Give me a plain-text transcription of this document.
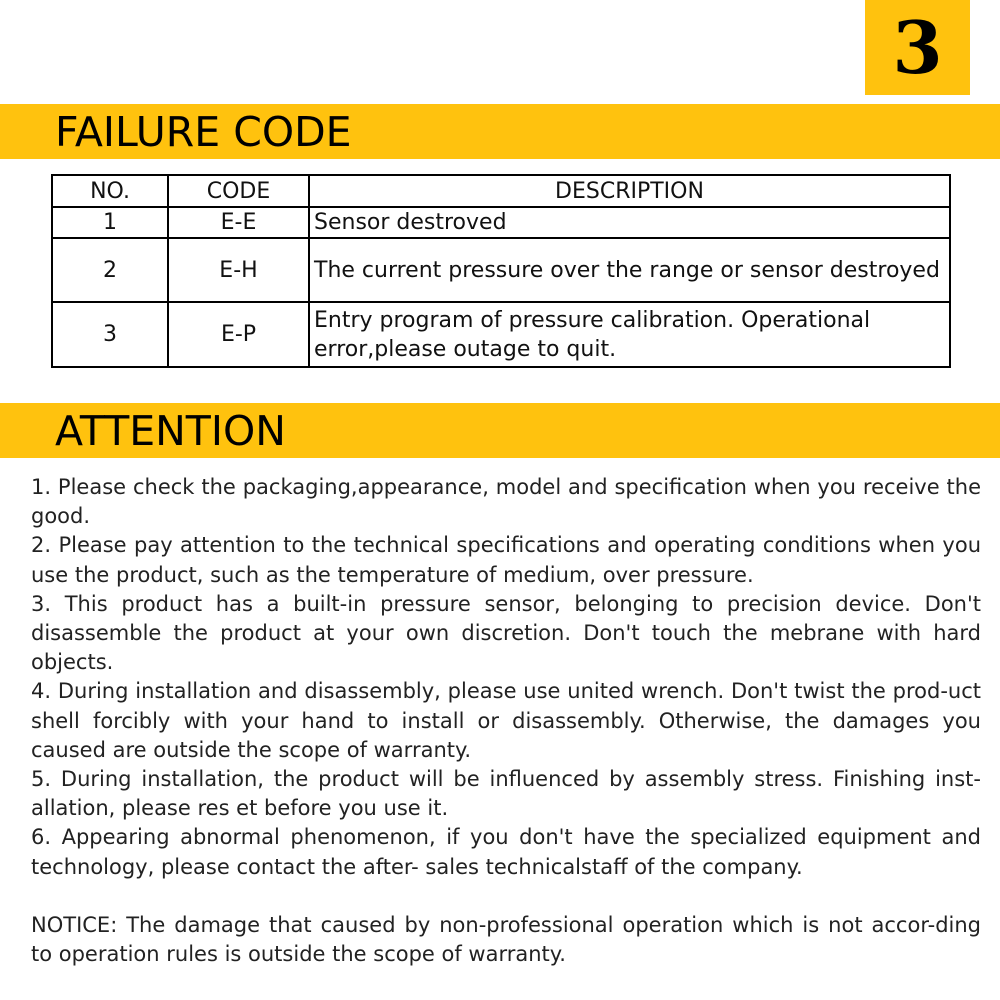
3
FAILURE CODE
NO.	CODE	DESCRIPTION
1	E-E	Sensor destroved
2	E-H	The current pressure over the range or sensor destroyed
3	E-P	Entry program of pressure calibration. Operational error,please outage to quit.
ATTENTION

1. Please check the packaging,appearance, model and specification when you receive the good.

2. Please pay attention to the technical specifications and operating conditions when you use the product, such as the temperature of medium, over pressure.

3. This product has a built-in pressure sensor, belonging to precision device. Don't disassemble the product at your own discretion. Don't touch the mebrane with hard objects.

4. During installation and disassembly, please use united wrench. Don't twist the prod-uct shell forcibly with your hand to install or disassembly. Otherwise, the damages you caused are outside the scope of warranty.

5. During installation, the product will be influenced by assembly stress. Finishing inst-allation, please res et before you use it.

6. Appearing abnormal phenomenon, if you don't have the specialized equipment and technology, please contact the after- sales technicalstaff of the company.

NOTICE: The damage that caused by non-professional operation which is not accor-ding to operation rules is outside the scope of warranty.
